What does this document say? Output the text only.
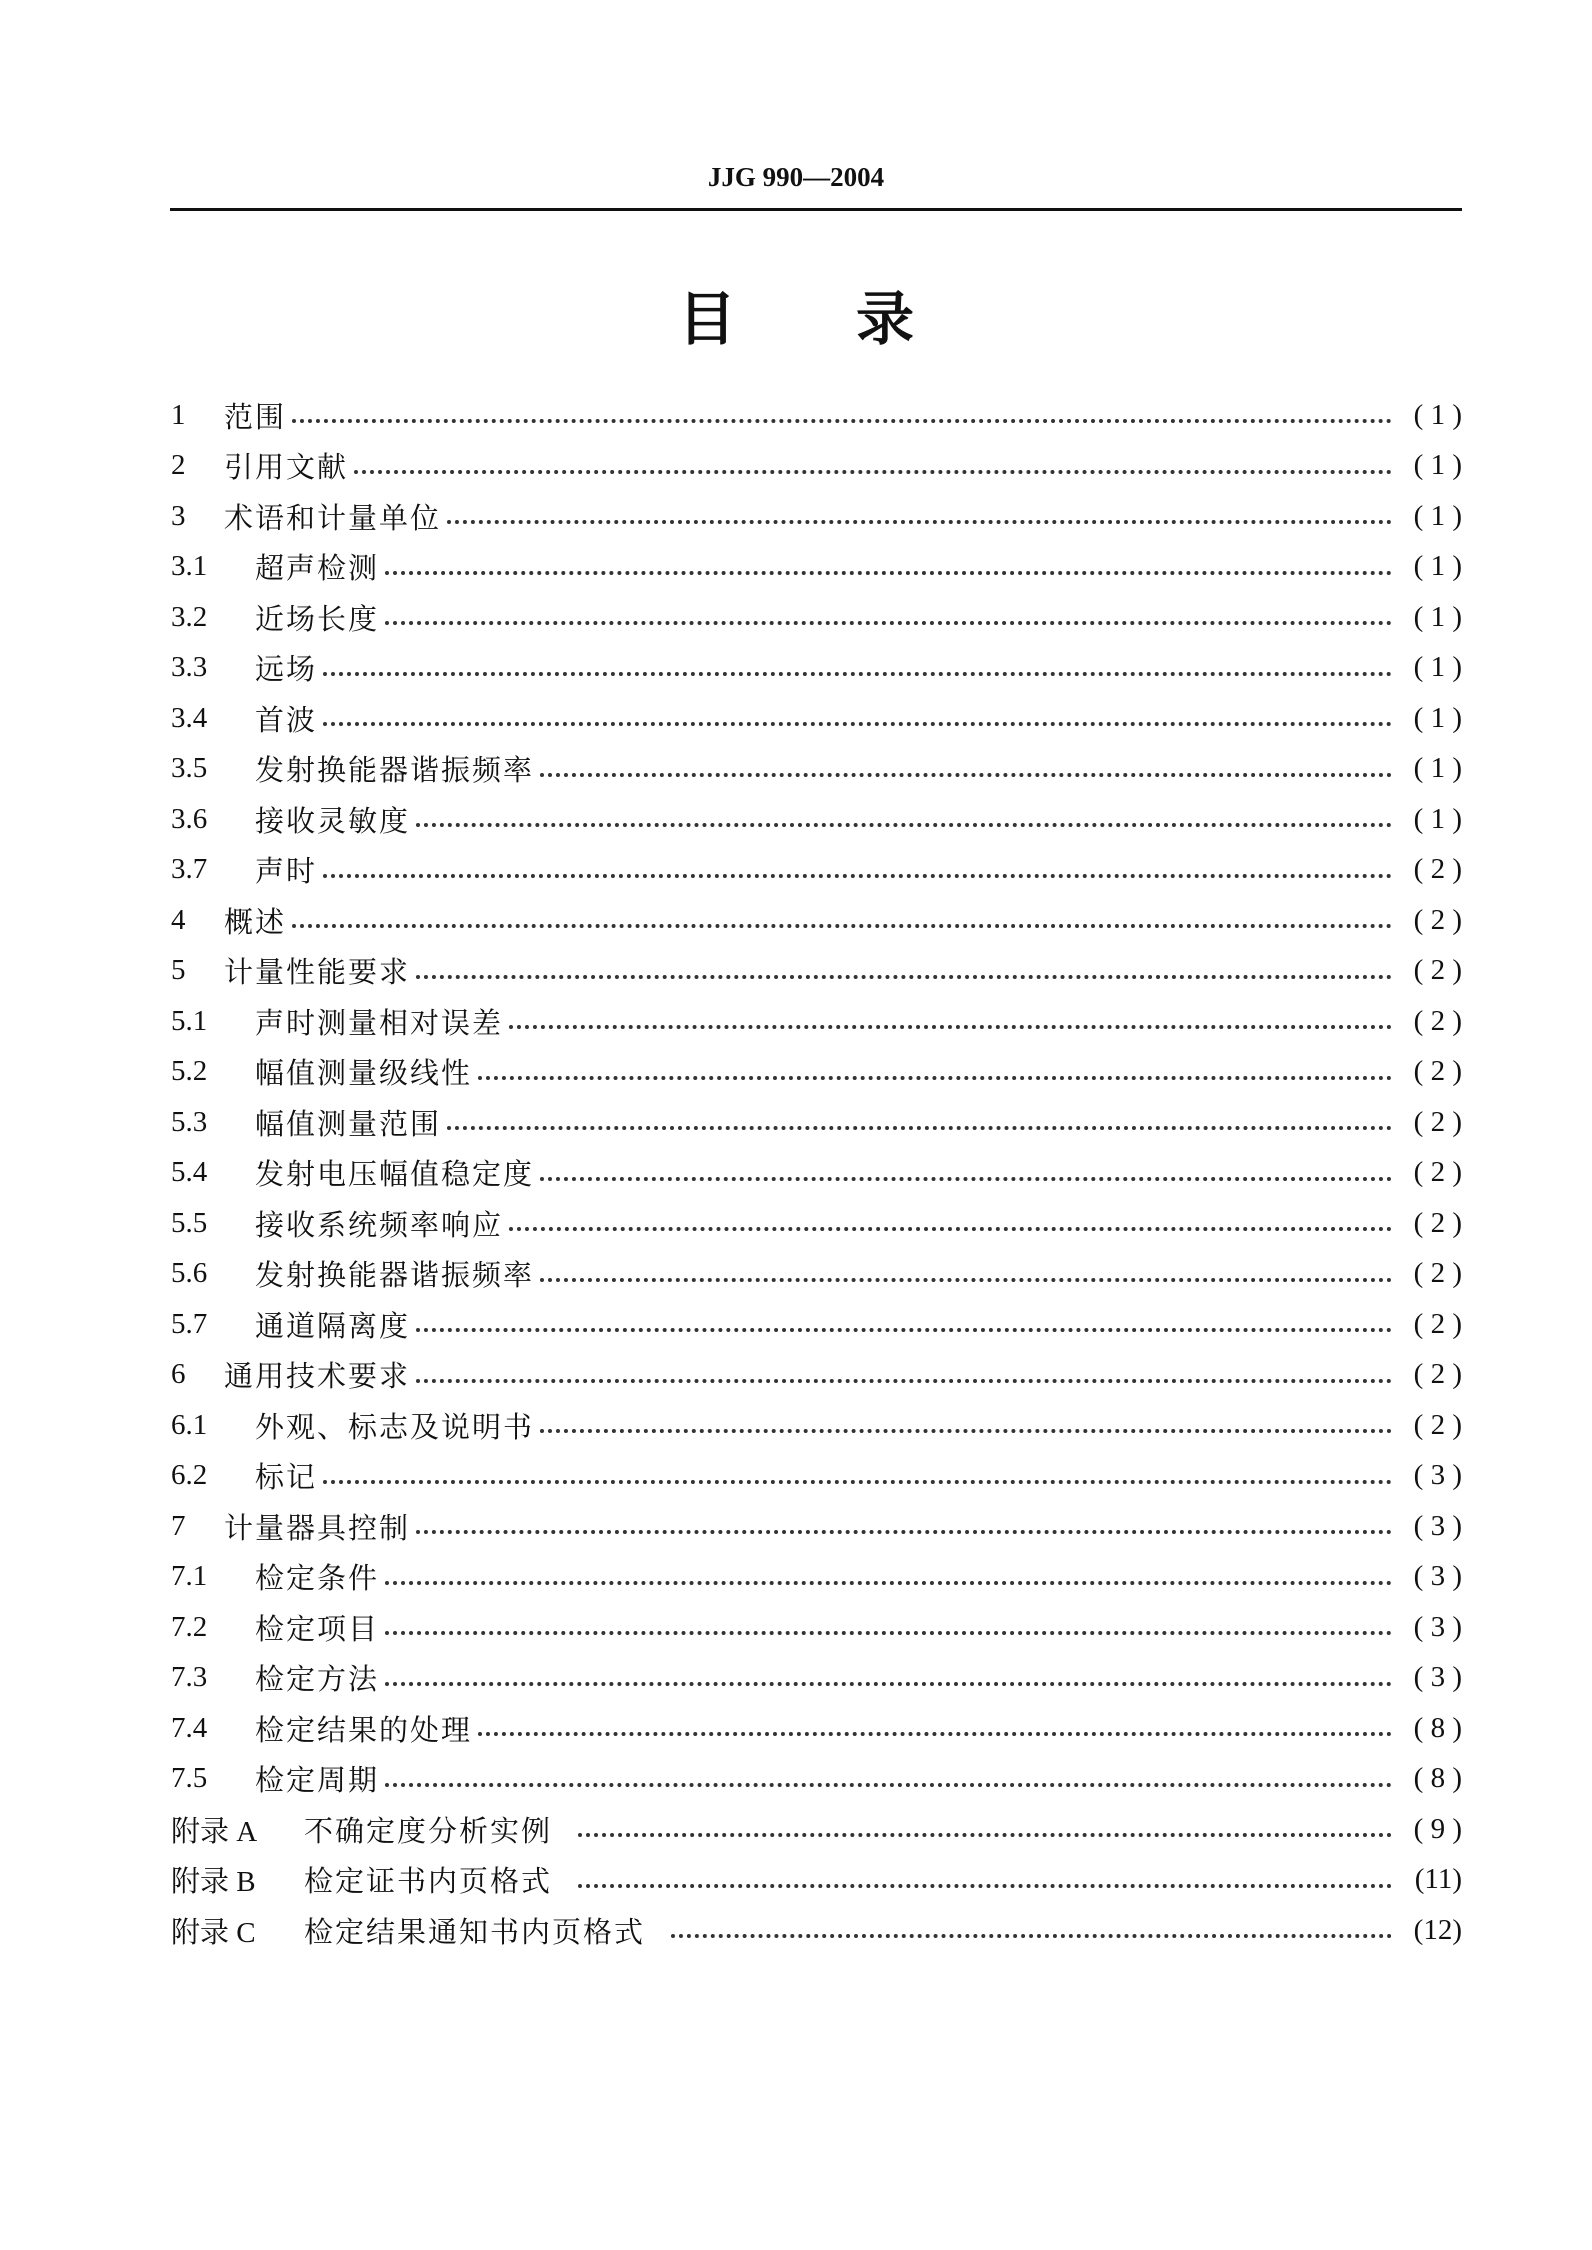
JJG 990—2004
目录
1	范围	( 1 )
2	引用文献	( 1 )
3	术语和计量单位	( 1 )
3.1	超声检测	( 1 )
3.2	近场长度	( 1 )
3.3	远场	( 1 )
3.4	首波	( 1 )
3.5	发射换能器谐振频率	( 1 )
3.6	接收灵敏度	( 1 )
3.7	声时	( 2 )
4	概述	( 2 )
5	计量性能要求	( 2 )
5.1	声时测量相对误差	( 2 )
5.2	幅值测量级线性	( 2 )
5.3	幅值测量范围	( 2 )
5.4	发射电压幅值稳定度	( 2 )
5.5	接收系统频率响应	( 2 )
5.6	发射换能器谐振频率	( 2 )
5.7	通道隔离度	( 2 )
6	通用技术要求	( 2 )
6.1	外观、标志及说明书	( 2 )
6.2	标记	( 3 )
7	计量器具控制	( 3 )
7.1	检定条件	( 3 )
7.2	检定项目	( 3 )
7.3	检定方法	( 3 )
7.4	检定结果的处理	( 8 )
7.5	检定周期	( 8 )
附录 A	不确定度分析实例	( 9 )
附录 B	检定证书内页格式	(11)
附录 C	检定结果通知书内页格式	(12)
